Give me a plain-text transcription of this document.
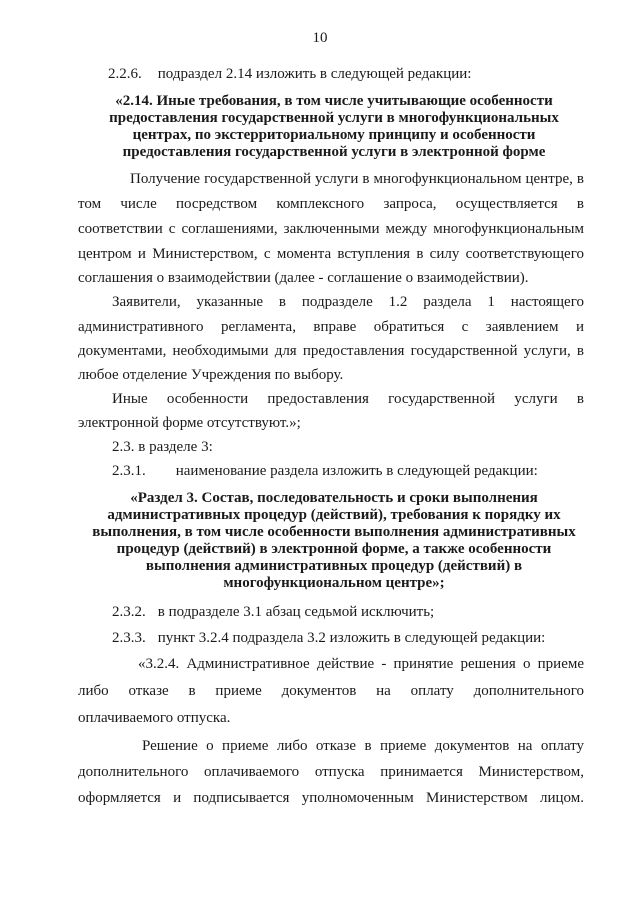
10
2.2.6. подраздел 2.14 изложить в следующей редакции:
«2.14. Иные требования, в том числе учитывающие особенности
предоставления государственной услуги в многофункциональных
центрах, по экстерриториальному принципу и особенности
предоставления государственной услуги в электронной форме
Получение государственной услуги в многофункциональном центре, в
том числе посредством комплексного запроса, осуществляется в
соответствии с соглашениями, заключенными между многофункциональным
центром и Министерством, с момента вступления в силу соответствующего
соглашения о взаимодействии (далее - соглашение о взаимодействии).
Заявители, указанные в подразделе 1.2 раздела 1 настоящего
административного регламента, вправе обратиться с заявлением и
документами, необходимыми для предоставления государственной услуги, в
любое отделение Учреждения по выбору.
Иные особенности предоставления государственной услуги в
электронной форме отсутствуют.»;
2.3. в разделе 3:
2.3.1. наименование раздела изложить в следующей редакции:
«Раздел 3. Состав, последовательность и сроки выполнения
административных процедур (действий), требования к порядку их
выполнения, в том числе особенности выполнения административных
процедур (действий) в электронной форме, а также особенности
выполнения административных процедур (действий) в
многофункциональном центре»;
2.3.2. в подразделе 3.1 абзац седьмой исключить;
2.3.3. пункт 3.2.4 подраздела 3.2 изложить в следующей редакции:
«3.2.4. Административное действие - принятие решения о приеме
либо отказе в приеме документов на оплату дополнительного
оплачиваемого отпуска.
Решение о приеме либо отказе в приеме документов на оплату
дополнительного оплачиваемого отпуска принимается Министерством,
оформляется и подписывается уполномоченным Министерством лицом.
